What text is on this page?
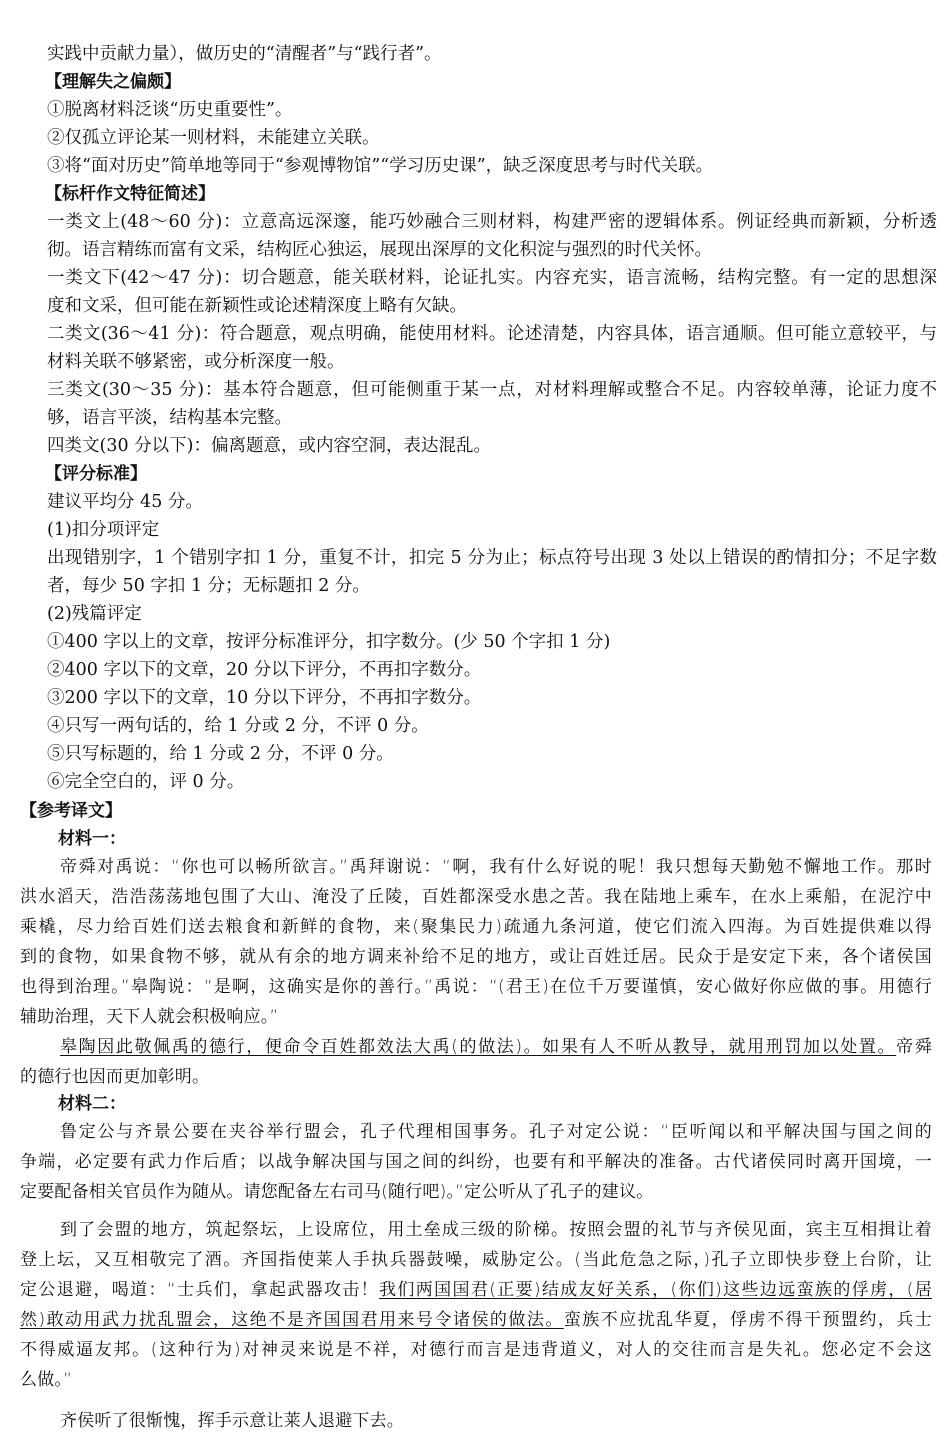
实践中贡献力量），做历史的“清醒者”与“践行者”。
【理解失之偏颇】
①脱离材料泛谈“历史重要性”。
②仅孤立评论某一则材料，未能建立关联。
③将“面对历史”简单地等同于“参观博物馆”“学习历史课”，缺乏深度思考与时代关联。
【标杆作文特征简述】
一类文上(48～60 分)：立意高远深邃，能巧妙融合三则材料，构建严密的逻辑体系。例证经典而新颖，分析透
彻。语言精练而富有文采，结构匠心独运，展现出深厚的文化积淀与强烈的时代关怀。
一类文下(42～47 分)：切合题意，能关联材料，论证扎实。内容充实，语言流畅，结构完整。有一定的思想深
度和文采，但可能在新颖性或论述精深度上略有欠缺。
二类文(36～41 分)：符合题意，观点明确，能使用材料。论述清楚，内容具体，语言通顺。但可能立意较平，与
材料关联不够紧密，或分析深度一般。
三类文(30～35 分)：基本符合题意，但可能侧重于某一点，对材料理解或整合不足。内容较单薄，论证力度不
够，语言平淡，结构基本完整。
四类文(30 分以下)：偏离题意，或内容空洞，表达混乱。
【评分标准】
建议平均分 45 分。
(1)扣分项评定
出现错别字，1 个错别字扣 1 分，重复不计，扣完 5 分为止；标点符号出现 3 处以上错误的酌情扣分；不足字数
者，每少 50 字扣 1 分；无标题扣 2 分。
(2)残篇评定
①400 字以上的文章，按评分标准评分，扣字数分。(少 50 个字扣 1 分)
②400 字以下的文章，20 分以下评分，不再扣字数分。
③200 字以下的文章，10 分以下评分，不再扣字数分。
④只写一两句话的，给 1 分或 2 分，不评 0 分。
⑤只写标题的，给 1 分或 2 分，不评 0 分。
⑥完全空白的，评 0 分。
【参考译文】
材料一：
帝舜对禹说：“你也可以畅所欲言。”禹拜谢说：“啊，我有什么好说的呢！我只想每天勤勉不懈地工作。那时
洪水滔天，浩浩荡荡地包围了大山、淹没了丘陵，百姓都深受水患之苦。我在陆地上乘车，在水上乘船，在泥泞中
乘橇，尽力给百姓们送去粮食和新鲜的食物，来(聚集民力)疏通九条河道，使它们流入四海。为百姓提供难以得
到的食物，如果食物不够，就从有余的地方调来补给不足的地方，或让百姓迁居。民众于是安定下来，各个诸侯国
也得到治理。”皋陶说：“是啊，这确实是你的善行。”禹说：“(君王)在位千万要谨慎，安心做好你应做的事。用德行
辅助治理，天下人就会积极响应。”
皋陶因此敬佩禹的德行，便命令百姓都效法大禹(的做法)。如果有人不听从教导，就用刑罚加以处置。帝舜
的德行也因而更加彰明。
材料二：
鲁定公与齐景公要在夹谷举行盟会，孔子代理相国事务。孔子对定公说：“臣听闻以和平解决国与国之间的
争端，必定要有武力作后盾；以战争解决国与国之间的纠纷，也要有和平解决的准备。古代诸侯同时离开国境，一
定要配备相关官员作为随从。请您配备左右司马(随行吧)。”定公听从了孔子的建议。
到了会盟的地方，筑起祭坛，上设席位，用土垒成三级的阶梯。按照会盟的礼节与齐侯见面，宾主互相揖让着
登上坛，又互相敬完了酒。齐国指使莱人手执兵器鼓噪，威胁定公。(当此危急之际，)孔子立即快步登上台阶，让
定公退避，喝道：“士兵们，拿起武器攻击！我们两国国君(正要)结成友好关系，(你们)这些边远蛮族的俘虏，(居
然)敢动用武力扰乱盟会，这绝不是齐国国君用来号令诸侯的做法。蛮族不应扰乱华夏，俘虏不得干预盟约，兵士
不得威逼友邦。(这种行为)对神灵来说是不祥，对德行而言是违背道义，对人的交往而言是失礼。您必定不会这
么做。”
齐侯听了很惭愧，挥手示意让莱人退避下去。
